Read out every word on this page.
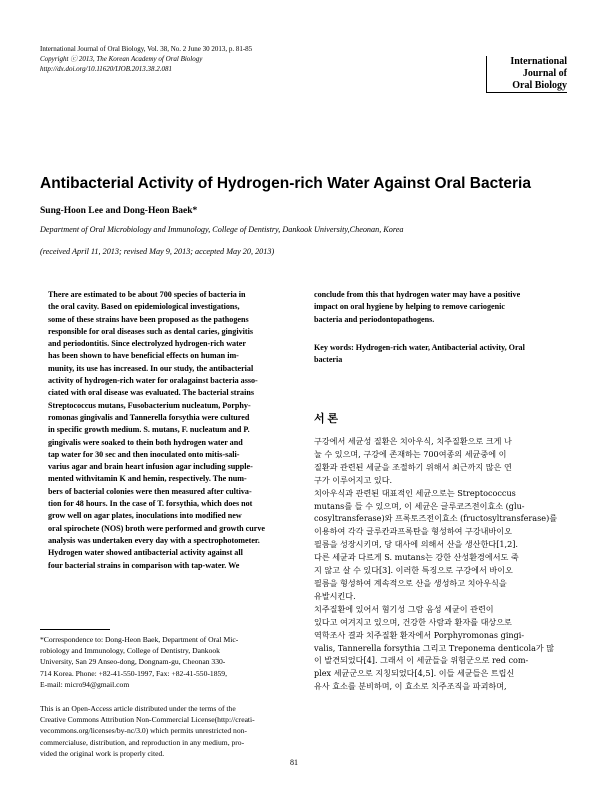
International Journal of Oral Biology, Vol. 38, No. 2 June 30 2013, p. 81-85
Copyright ⓒ 2013, The Korean Academy of Oral Biology
http://dx.doi.org/10.11620/IJOB.2013.38.2.081
International
Journal of
Oral Biology
Antibacterial Activity of Hydrogen-rich Water Against Oral Bacteria
Sung-Hoon Lee and Dong-Heon Baek*
Department of Oral Microbiology and Immunology, College of Dentistry, Dankook University,Cheonan, Korea
(received April 11, 2013; revised May 9, 2013; accepted May 20, 2013)
There are estimated to be about 700 species of bacteria in
the oral cavity. Based on epidemiological investigations,
some of these strains have been proposed as the pathogens
responsible for oral diseases such as dental caries, gingivitis
and periodontitis. Since electrolyzed hydrogen-rich water
has been shown to have beneficial effects on human im-
munity, its use has increased. In our study, the antibacterial
activity of hydrogen-rich water for oralagainst bacteria asso-
ciated with oral disease was evaluated. The bacterial strains
Streptococcus mutans, Fusobacterium nucleatum, Porphy-
romonas gingivalis and Tannerella forsythia were cultured
in specific growth medium. S. mutans, F. nucleatum and P.
gingivalis were soaked to thein both hydrogen water and
tap water for 30 sec and then inoculated onto mitis-sali-
varius agar and brain heart infusion agar including supple-
mented withvitamin K and hemin, respectively. The num-
bers of bacterial colonies were then measured after cultiva-
tion for 48 hours. In the case of T. forsythia, which does not
grow well on agar plates, inoculations into modified new
oral spirochete (NOS) broth were performed and growth curve
analysis was undertaken every day with a spectrophotometer.
Hydrogen water showed antibacterial activity against all
four bacterial strains in comparison with tap-water. We
conclude from this that hydrogen water may have a positive
impact on oral hygiene by helping to remove cariogenic
bacteria and periodontopathogens.
Key words: Hydrogen-rich water, Antibacterial activity, Oral
bacteria
서 론
구강에서 세균성 질환은 치아우식, 치주질환으로 크게 나
눌 수 있으며, 구강에 존재하는 700여종의 세균중에 이
질환과 관련된 세균을 조절하기 위해서 최근까지 많은 연
구가 이루어지고 있다.
치아우식과 관련된 대표적인 세균으로는 Streptococcus
mutans를 들 수 있으며, 이 세균은 글루코즈전이효소 (glu-
cosyltransferase)와 프록토즈전이효소 (fructosyltransferase)를
이용하여 각각 글루칸과프록탄을 형성하여 구강내바이오
필름을 성장시키며, 당 대사에 의해서 산을 생산한다[1,2].
다른 세균과 다르게 S. mutans는 강한 산성환경에서도 죽
지 않고 살 수 있다[3]. 이러한 특징으로 구강에서 바이오
필름을 형성하여 계속적으로 산을 생성하고 치아우식을
유발시킨다.
치주질환에 있어서 혐기성 그람 음성 세균이 관련이
있다고 여겨지고 있으며, 건강한 사람과 환자를 대상으로
역학조사 결과 치주질환 환자에서 Porphyromonas gingi-
valis, Tannerella forsythia 그리고 Treponema denticola가 많
이 발견되었다[4]. 그래서 이 세균들을 위험군으로 red com-
plex 세균군으로 지칭되었다[4,5]. 이들 세균들은 트립신
유사 효소를 분비하며, 이 효소로 치주조직을 파괴하며,
*Correspondence to: Dong-Heon Baek, Department of Oral Mic-
robiology and Immunology, College of Dentistry, Dankook
University, San 29 Anseo-dong, Dongnam-gu, Cheonan 330-
714 Korea. Phone: +82-41-550-1997, Fax: +82-41-550-1859,
E-mail: micro94@gmail.com
This is an Open-Access article distributed under the terms of the
Creative Commons Attribution Non-Commercial License(http://creati-
vecommons.org/licenses/by-nc/3.0) which permits unrestricted non-
commercialuse, distribution, and reproduction in any medium, pro-
vided the original work is properly cited.
81
